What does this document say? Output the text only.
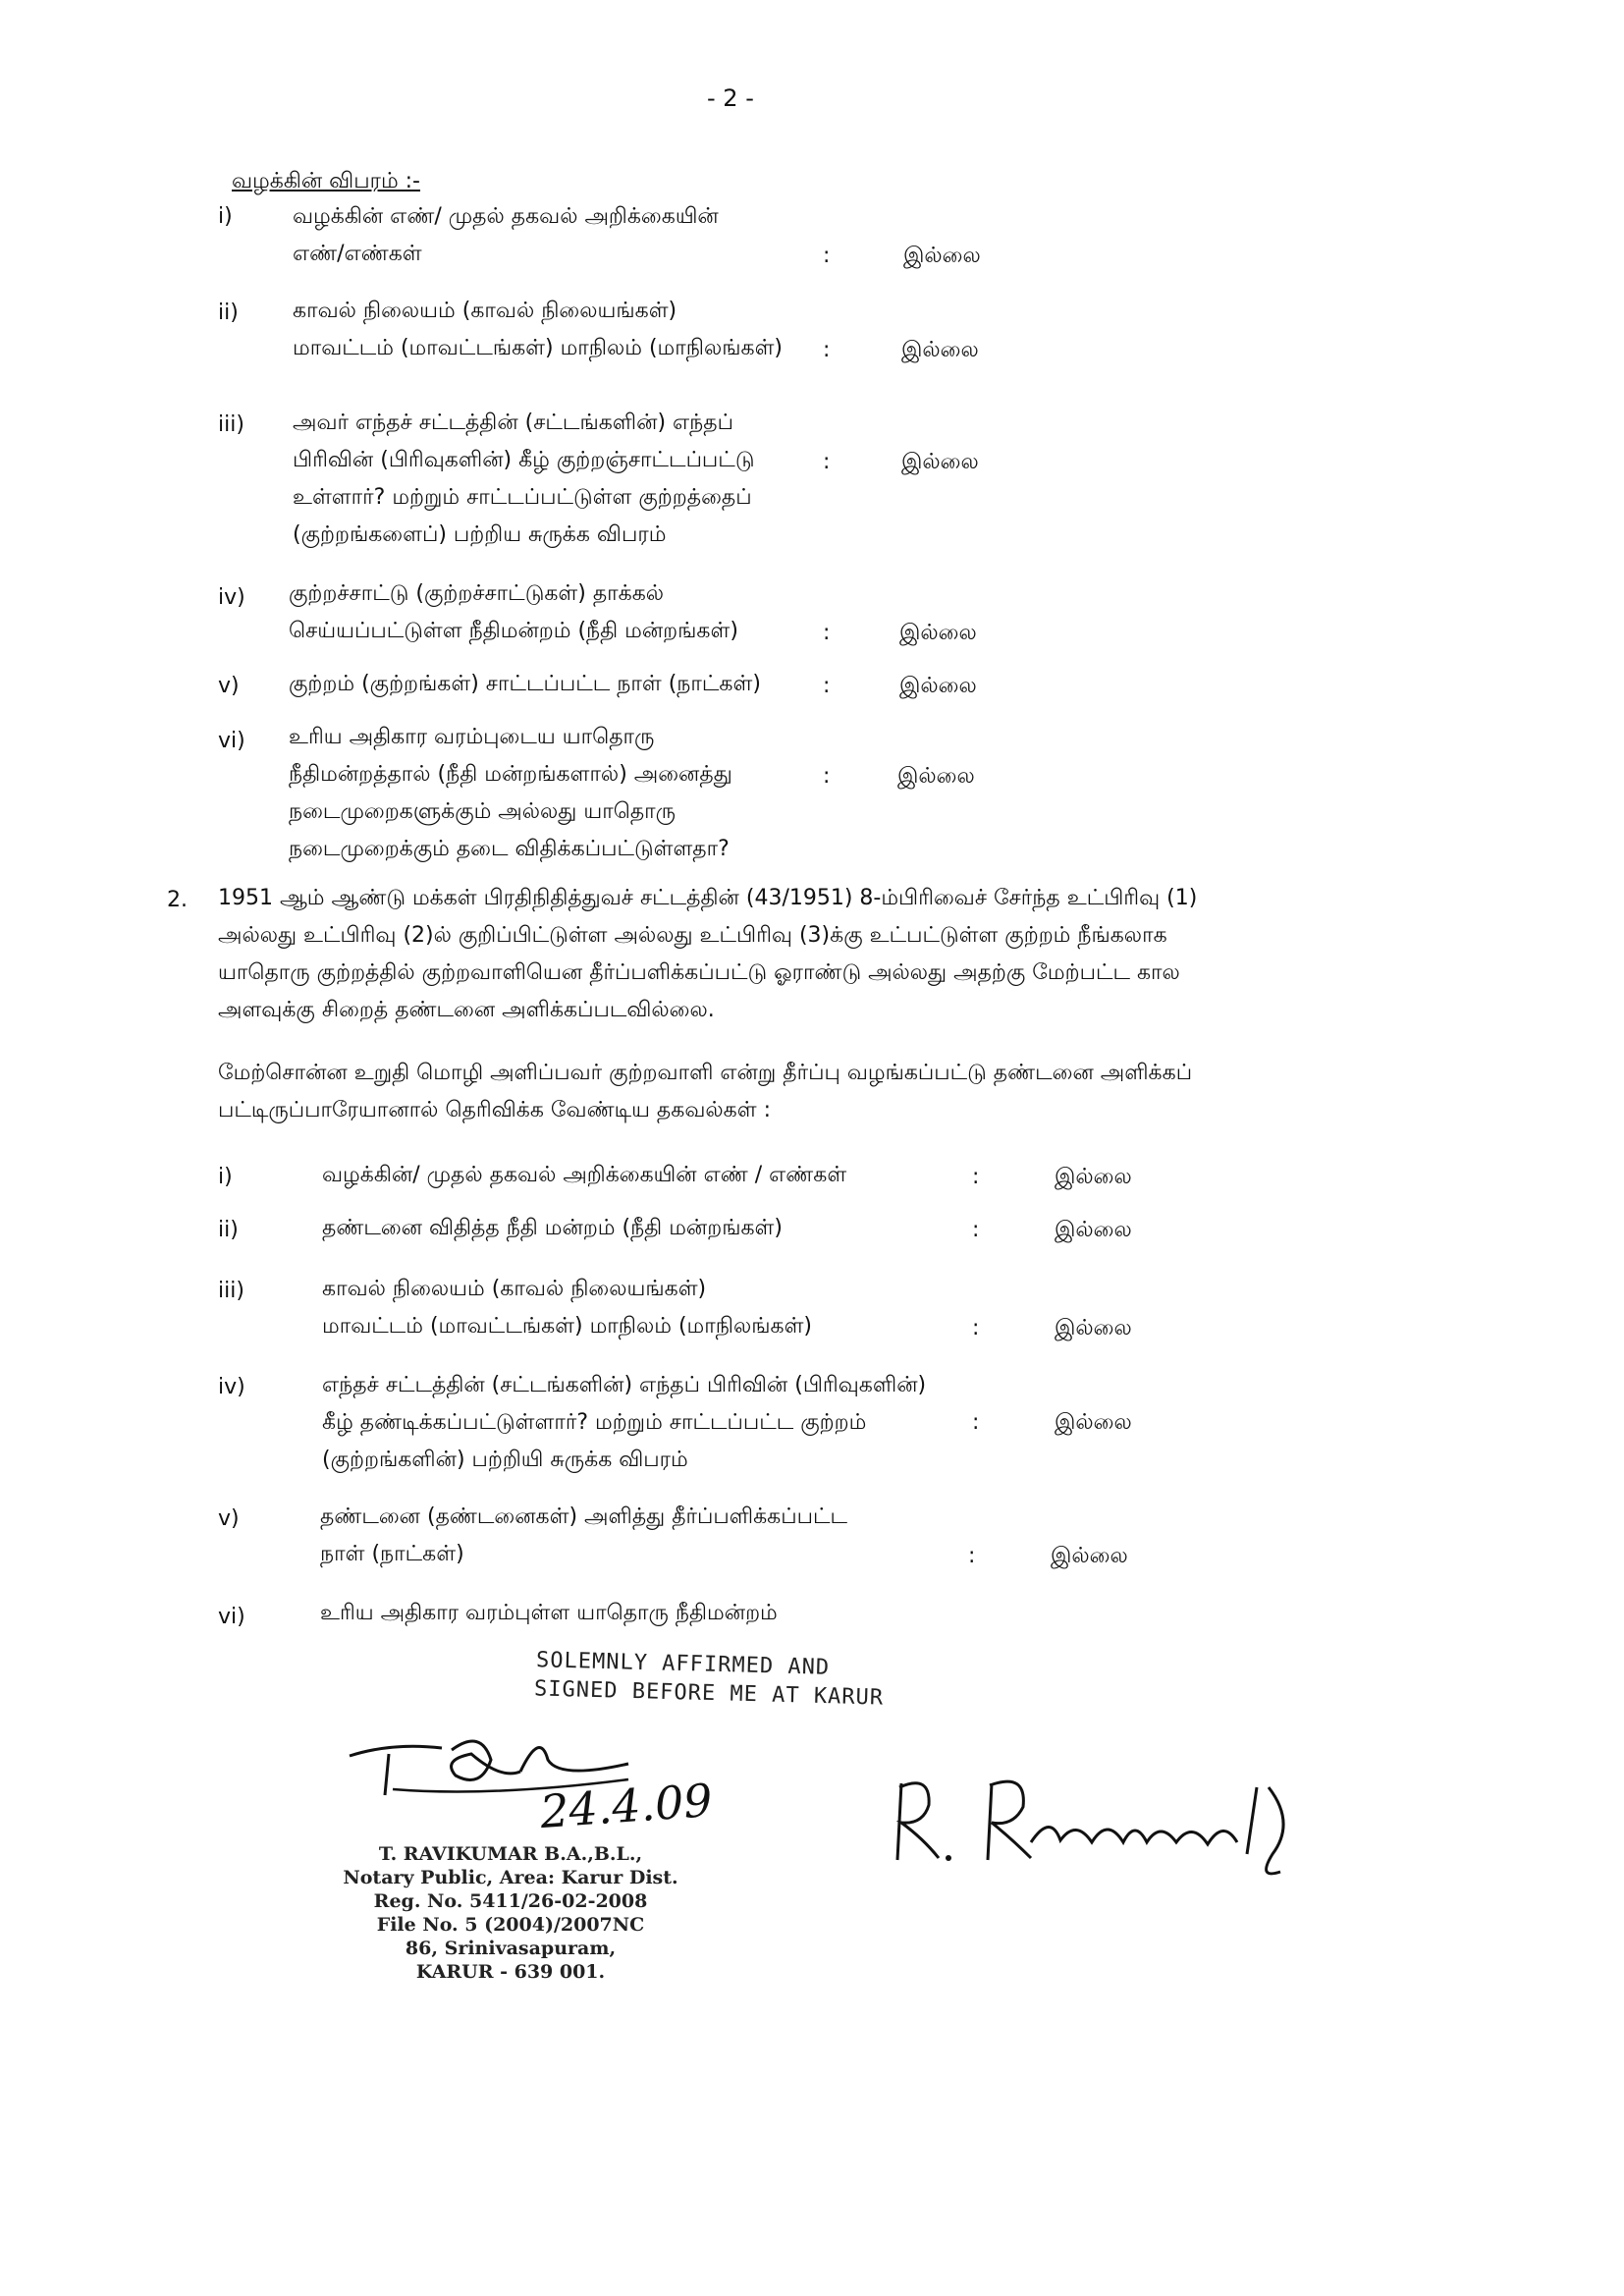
- 2 -
வழக்கின் விபரம் :-
i)	வழக்கின் எண்/ முதல் தகவல் அறிக்கையின்
எண்/எண்கள்	:	இல்லை
ii)	காவல் நிலையம் (காவல் நிலையங்கள்)
மாவட்டம் (மாவட்டங்கள்) மாநிலம் (மாநிலங்கள்) :	இல்லை
iii) அவர் எந்தச் சட்டத்தின் (சட்டங்களின்) எந்தப்
பிரிவின் (பிரிவுகளின்) கீழ் குற்றஞ்சாட்டப்பட்டு
உள்ளார்? மற்றும் சாட்டப்பட்டுள்ள குற்றத்தைப்
(குற்றங்களைப்) பற்றிய சுருக்க விபரம்
:	இல்லை
iv) குற்றச்சாட்டு (குற்றச்சாட்டுகள்) தாக்கல்
செய்யப்பட்டுள்ள நீதிமன்றம் (நீதி மன்றங்கள்)	:	இல்லை
v) குற்றம் (குற்றங்கள்) சாட்டப்பட்ட நாள் (நாட்கள்)	:	இல்லை
vi) உரிய அதிகார வரம்புடைய யாதொரு
நீதிமன்றத்தால் (நீதி மன்றங்களால்) அனைத்து
நடைமுறைகளுக்கும் அல்லது யாதொரு
நடைமுறைக்கும் தடை விதிக்கப்பட்டுள்ளதா?
:	இல்லை
2. 1951 ஆம் ஆண்டு மக்கள் பிரதிநிதித்துவச் சட்டத்தின் (43/1951) 8-ம்பிரிவைச் சேர்ந்த உட்பிரிவு (1)
அல்லது உட்பிரிவு (2)ல் குறிப்பிட்டுள்ள அல்லது உட்பிரிவு (3)க்கு உட்பட்டுள்ள குற்றம் நீங்கலாக
யாதொரு குற்றத்தில் குற்றவாளியென தீர்ப்பளிக்கப்பட்டு ஓராண்டு அல்லது அதற்கு மேற்பட்ட கால
அளவுக்கு சிறைத் தண்டனை அளிக்கப்படவில்லை.
மேற்சொன்ன உறுதி மொழி அளிப்பவர் குற்றவாளி என்று தீர்ப்பு வழங்கப்பட்டு தண்டனை அளிக்கப்
பட்டிருப்பாரேயானால் தெரிவிக்க வேண்டிய தகவல்கள் :
i)	வழக்கின்/ முதல் தகவல் அறிக்கையின் எண் / எண்கள்	:	இல்லை
ii)	தண்டனை விதித்த நீதி மன்றம் (நீதி மன்றங்கள்)	:	இல்லை
iii)	காவல் நிலையம் (காவல் நிலையங்கள்)
மாவட்டம் (மாவட்டங்கள்) மாநிலம் (மாநிலங்கள்)	:	இல்லை
iv)	எந்தச் சட்டத்தின் (சட்டங்களின்) எந்தப் பிரிவின் (பிரிவுகளின்)
கீழ் தண்டிக்கப்பட்டுள்ளார்? மற்றும் சாட்டப்பட்ட குற்றம்
(குற்றங்களின்) பற்றியி சுருக்க விபரம்
:	இல்லை
v)	தண்டனை (தண்டனைகள்) அளித்து தீர்ப்பளிக்கப்பட்ட
நாள் (நாட்கள்)	:	இல்லை
vi)	உரிய அதிகார வரம்புள்ள யாதொரு நீதிமன்றம்
SOLEMNLY AFFIRMED AND
SIGNED BEFORE ME AT KARUR
24.4.09
T. RAVIKUMAR B.A.,B.L.,
Notary Public, Area: Karur Dist.
Reg. No. 5411/26-02-2008
File No. 5 (2004)/2007NC
86, Srinivasapuram,
KARUR - 639 001.
